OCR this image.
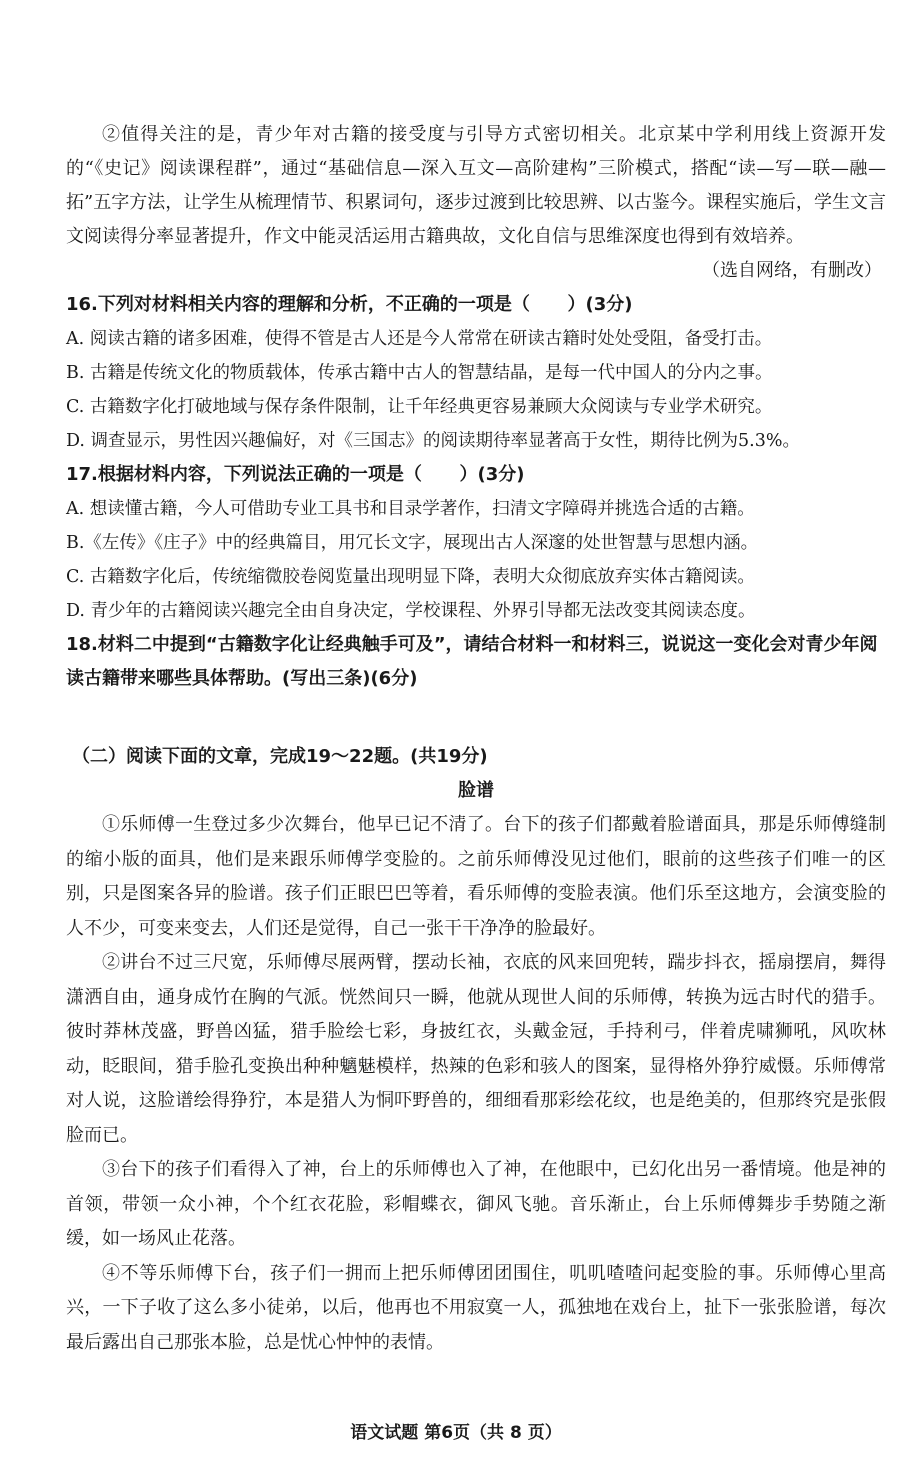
②值得关注的是，青少年对古籍的接受度与引导方式密切相关。北京某中学利用线上资源开发的“《史记》阅读课程群”，通过“基础信息—深入互文—高阶建构”三阶模式，搭配“读—写—联—融—拓”五字方法，让学生从梳理情节、积累词句，逐步过渡到比较思辨、以古鉴今。课程实施后，学生文言文阅读得分率显著提升，作文中能灵活运用古籍典故，文化自信与思维深度也得到有效培养。

（选自网络，有删改）

16.下列对材料相关内容的理解和分析，不正确的一项是（      ）(3分)

A. 阅读古籍的诸多困难，使得不管是古人还是今人常常在研读古籍时处处受阻，备受打击。

B. 古籍是传统文化的物质载体，传承古籍中古人的智慧结晶，是每一代中国人的分内之事。

C. 古籍数字化打破地域与保存条件限制，让千年经典更容易兼顾大众阅读与专业学术研究。

D. 调查显示，男性因兴趣偏好，对《三国志》的阅读期待率显著高于女性，期待比例为5.3%。

17.根据材料内容，下列说法正确的一项是（      ）(3分)

A. 想读懂古籍，今人可借助专业工具书和目录学著作，扫清文字障碍并挑选合适的古籍。

B.《左传》《庄子》中的经典篇目，用冗长文字，展现出古人深邃的处世智慧与思想内涵。

C. 古籍数字化后，传统缩微胶卷阅览量出现明显下降，表明大众彻底放弃实体古籍阅读。

D. 青少年的古籍阅读兴趣完全由自身决定，学校课程、外界引导都无法改变其阅读态度。

18.材料二中提到“古籍数字化让经典触手可及”，请结合材料一和材料三，说说这一变化会对青少年阅读古籍带来哪些具体帮助。(写出三条)(6分)

（二）阅读下面的文章，完成19～22题。(共19分)

脸谱

①乐师傅一生登过多少次舞台，他早已记不清了。台下的孩子们都戴着脸谱面具，那是乐师傅缝制的缩小版的面具，他们是来跟乐师傅学变脸的。之前乐师傅没见过他们，眼前的这些孩子们唯一的区别，只是图案各异的脸谱。孩子们正眼巴巴等着，看乐师傅的变脸表演。他们乐至这地方，会演变脸的人不少，可变来变去，人们还是觉得，自己一张干干净净的脸最好。

②讲台不过三尺宽，乐师傅尽展两臂，摆动长袖，衣底的风来回兜转，踹步抖衣，摇扇摆肩，舞得潇洒自由，通身成竹在胸的气派。恍然间只一瞬，他就从现世人间的乐师傅，转换为远古时代的猎手。彼时莽林茂盛，野兽凶猛，猎手脸绘七彩，身披红衣，头戴金冠，手持利弓，伴着虎啸狮吼，风吹林动，眨眼间，猎手脸孔变换出种种魑魅模样，热辣的色彩和骇人的图案，显得格外狰狞威慑。乐师傅常对人说，这脸谱绘得狰狞，本是猎人为恫吓野兽的，细细看那彩绘花纹，也是绝美的，但那终究是张假脸而已。

③台下的孩子们看得入了神，台上的乐师傅也入了神，在他眼中，已幻化出另一番情境。他是神的首领，带领一众小神，个个红衣花脸，彩帽蝶衣，御风飞驰。音乐渐止，台上乐师傅舞步手势随之渐缓，如一场风止花落。

④不等乐师傅下台，孩子们一拥而上把乐师傅团团围住，叽叽喳喳问起变脸的事。乐师傅心里高兴，一下子收了这么多小徒弟，以后，他再也不用寂寞一人，孤独地在戏台上，扯下一张张脸谱，每次最后露出自己那张本脸，总是忧心忡忡的表情。

语文试题 第6页（共 8 页）
